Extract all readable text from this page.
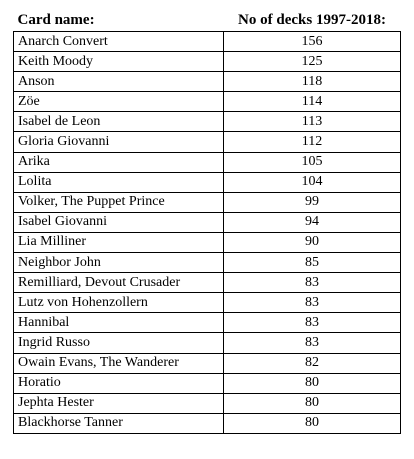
Card name:	No of decks 1997-2018:
Anarch Convert	156
Keith Moody	125
Anson	118
Zöe	114
Isabel de Leon	113
Gloria Giovanni	112
Arika	105
Lolita	104
Volker, The Puppet Prince	99
Isabel Giovanni	94
Lia Milliner	90
Neighbor John	85
Remilliard, Devout Crusader	83
Lutz von Hohenzollern	83
Hannibal	83
Ingrid Russo	83
Owain Evans, The Wanderer	82
Horatio	80
Jephta Hester	80
Blackhorse Tanner	80
